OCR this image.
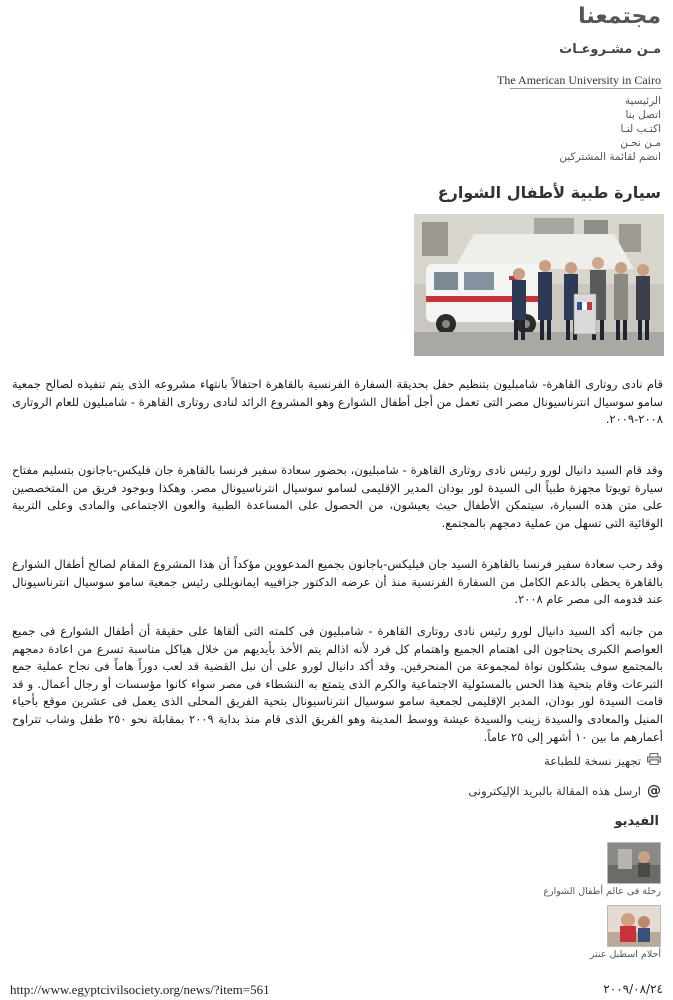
مجتمعنا
مـن مشـروعـات
The American University in Cairo
الرئيسية
اتصل بنا
اكتـب لنـا
مـن نحـن
انضم لقائمة المشتركين
سيارة طبية لأطفال الشوارع

قام نادى روتارى القاهرة- شامبليون بتنظيم حفل بحديقة السفارة الفرنسية بالقاهرة احتفالاً بانتهاء مشروعه الذى يتم تنفيذه لصالح جمعية سامو سوسيال انترناسيونال مصر التى تعمل من أجل أطفال الشوارع وهو المشروع الرائد لنادى روتارى القاهرة - شامبليون للعام الروتارى ٢٠٠٨-٢٠٠٩.

وقد قام السيد دانيال لورو رئيس نادى روتارى القاهرة - شامبليون، بحضور سعادة سفير فرنسا بالقاهرة جان فليكس-باجانون بتسليم مفتاح سيارة تويوتا مجهزة طبياً الى السيدة لور بودان المدير الإقليمى لسامو سوسيال انترناسيونال مصر. وهكذا وبوجود فريق من المتخصصين على متن هذه السيارة، سيتمكن الأطفال حيث يعيشون، من الحصول على المساعدة الطبية والعون الاجتماعى والمادى وعلى التربية الوقائية التى تسهل من عملية دمجهم بالمجتمع.

وقد رحب سعادة سفير فرنسا بالقاهرة السيد جان فيليكس-باجانون بجميع المدعووين مؤكداً أن هذا المشروع المقام لصالح أطفال الشوارع بالقاهرة يحظى بالدعم الكامل من السفارة الفرنسية منذ أن عرضه الدكتور جزافييه ايمانويللى رئيس جمعية سامو سوسيال انترناسيونال عند قدومه الى مصر عام ٢٠٠٨.

من جانبه أكد السيد دانيال لورو رئيس نادى روتارى القاهرة - شامبليون فى كلمته التى ألقاها على حقيقة أن أطفال الشوارع فى جميع العواصم الكبرى يحتاجون الى اهتمام الجميع واهتمام كل فرد لأنه اذالم يتم الأخذ بأيديهم من خلال هياكل مناسبة تسرع من اعادة دمجهم بالمجتمع سوف يشكلون نواة لمجموعة من المنحرفين. وقد أكد دانيال لورو على أن نبل القضية قد لعب دوراً هاماً فى نجاح عملية جمع التبرعات وقام بتحية هذا الحس بالمسئولية الاجتماعية والكرم الذى يتمتع به النشطاء فى مصر سواء كانوا مؤسسات أو رجال أعمال. و قد قامت السيدة لور بودان، المدير الإقليمى لجمعية سامو سوسيال انترناسيونال بتحية الفريق المحلى الذى يعمل فى عشرين موقع بأحياء المنيل والمعادى والسيدة زينب والسيدة عيشة ووسط المدينة وهو الفريق الذى قام منذ بداية ٢٠٠٩ بمقابلة نحو ٢٥٠ طفل وشاب تتراوح أعمارهم ما بين ١٠ أشهر إلى ٢٥ عاماً.

تجهيز نسخة للطباعة
@
ارسل هذه المقالة بالبريد الإليكترونى
الفيديو
رحلة فى عالم أطفال الشوارع
أحلام اسطبل عنتر
http://www.egyptcivilsociety.org/news/?item=561	٢٠٠٩/٠٨/٢٤
